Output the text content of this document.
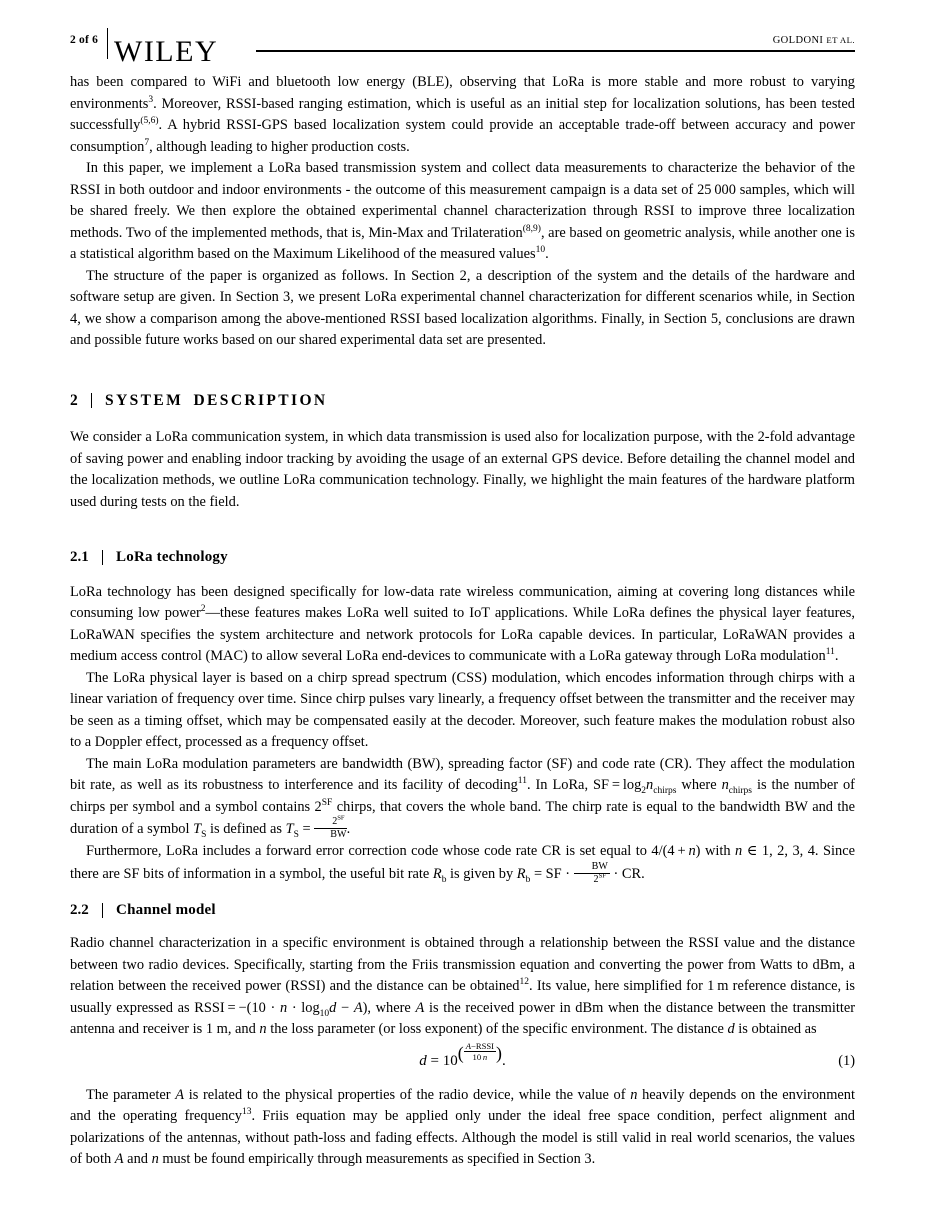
2 of 6 WILEY	GOLDONI ET AL.

has been compared to WiFi and bluetooth low energy (BLE), observing that LoRa is more stable and more robust to varying environments$^3$. Moreover, RSSI-based ranging estimation, which is useful as an initial step for localization solutions, has been tested successfully$^{(5,6)}$. A hybrid RSSI-GPS based localization system could provide an acceptable trade-off between accuracy and power consumption$^7$, although leading to higher production costs.

In this paper, we implement a LoRa based transmission system and collect data measurements to characterize the behavior of the RSSI in both outdoor and indoor environments - the outcome of this measurement campaign is a data set of 25 000 samples, which will be shared freely. We then explore the obtained experimental channel characterization through RSSI to improve three localization methods. Two of the implemented methods, that is, Min-Max and Trilateration$^{(8,9)}$, are based on geometric analysis, while another one is a statistical algorithm based on the Maximum Likelihood of the measured values$^{10}$.

The structure of the paper is organized as follows. In Section 2, a description of the system and the details of the hardware and software setup are given. In Section 3, we present LoRa experimental channel characterization for different scenarios while, in Section 4, we show a comparison among the above-mentioned RSSI based localization algorithms. Finally, in Section 5, conclusions are drawn and possible future works based on our shared experimental data set are presented.

2 SYSTEM DESCRIPTION

We consider a LoRa communication system, in which data transmission is used also for localization purpose, with the 2-fold advantage of saving power and enabling indoor tracking by avoiding the usage of an external GPS device. Before detailing the channel model and the localization methods, we outline LoRa communication technology. Finally, we highlight the main features of the hardware platform used during tests on the field.

2.1 LoRa technology

LoRa technology has been designed specifically for low-data rate wireless communication, aiming at covering long distances while consuming low power$^2$—these features makes LoRa well suited to IoT applications. While LoRa defines the physical layer features, LoRaWAN specifies the system architecture and network protocols for LoRa capable devices. In particular, LoRaWAN provides a medium access control (MAC) to allow several LoRa end-devices to communicate with a LoRa gateway through LoRa modulation$^{11}$.

The LoRa physical layer is based on a chirp spread spectrum (CSS) modulation, which encodes information through chirps with a linear variation of frequency over time. Since chirp pulses vary linearly, a frequency offset between the transmitter and the receiver may be seen as a timing offset, which may be compensated easily at the decoder. Moreover, such feature makes the modulation robust also to a Doppler effect, processed as a frequency offset.

The main LoRa modulation parameters are bandwidth (BW), spreading factor (SF) and code rate (CR). They affect the modulation bit rate, as well as its robustness to interference and its facility of decoding$^{11}$. In LoRa, SF = $\log_2n_{chirps}$ where $n_{chirps}$ is the number of chirps per symbol and a symbol contains $2^{SF}$ chirps, that covers the whole band. The chirp rate is equal to the bandwidth BW and the duration of a symbol $T_S$ is defined as $T_S = \frac{2^{SF}}{BW}$ .

Furthermore, LoRa includes a forward error correction code whose code rate CR is set equal to 4/(4 + n) with n ∈ 1, 2, 3, 4. Since there are SF bits of information in a symbol, the useful bit rate $R_b$ is given by $R_b$ = SF · $\frac{BW}{2^{SF}}$ · CR.

2.2 Channel model

Radio channel characterization in a specific environment is obtained through a relationship between the RSSI value and the distance between two radio devices. Specifically, starting from the Friis transmission equation and converting the power from Watts to dBm, a relation between the received power (RSSI) and the distance can be obtained$^{12}$. Its value, here simplified for 1 m reference distance, is usually expressed as RSSI = $-(10 \cdot n \cdot \log_{10}d - A)$, where A is the received power in dBm when the distance between the transmitter antenna and receiver is 1 m, and n the loss parameter (or loss exponent) of the specific environment. The distance d is obtained as

$d = 10( \frac{\text{A−RSSI}}{10 n}$ ).	(1)

The parameter A is related to the physical properties of the radio device, while the value of n heavily depends on the environment and the operating frequency$^{13}$. Friis equation may be applied only under the ideal free space condition, perfect alignment and polarizations of the antennas, without path-loss and fading effects. Although the model is still valid in real world scenarios, the values of both A and n must be found empirically through measurements as specified in Section 3.
